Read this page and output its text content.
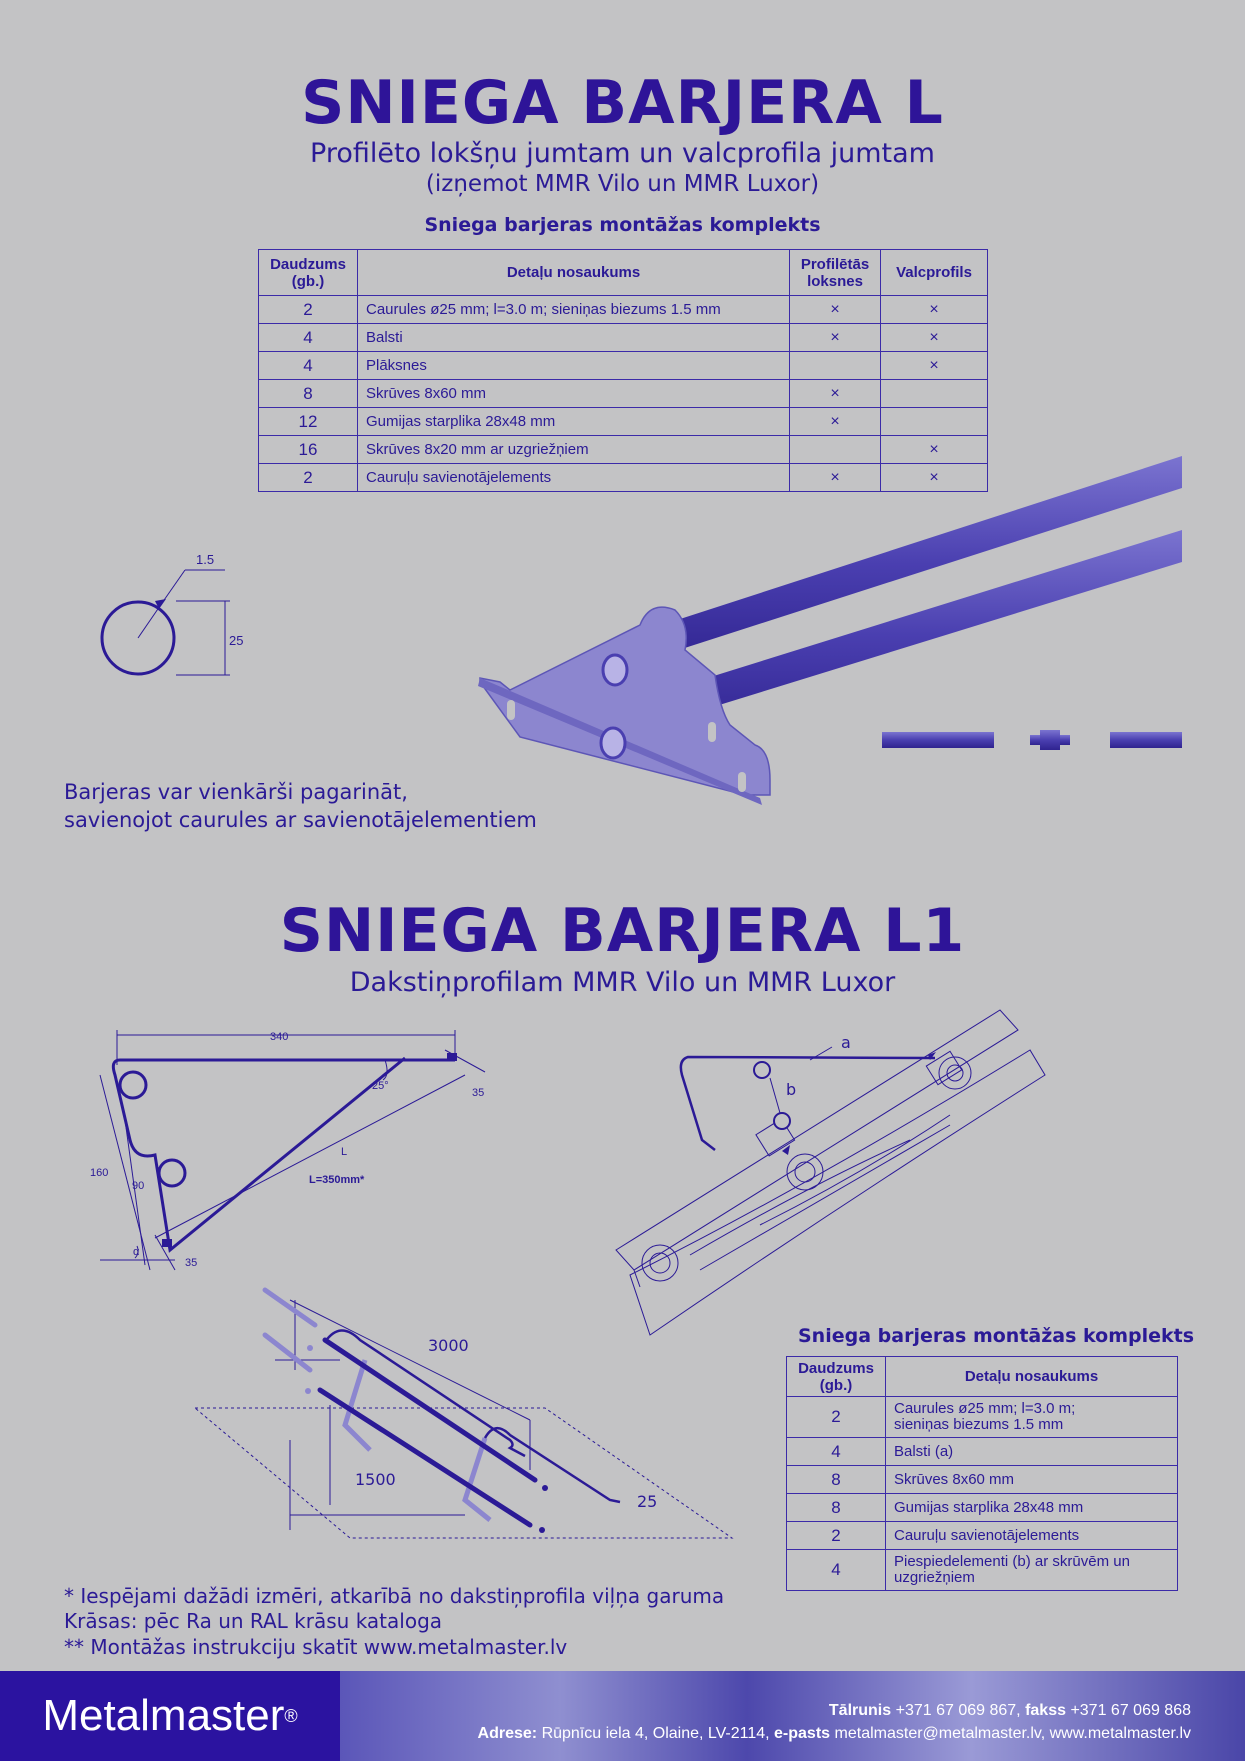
SNIEGA BARJERA L
Profilēto lokšņu jumtam un valcprofila jumtam
(izņemot MMR Vilo un MMR Luxor)
Sniega barjeras montāžas komplekts
Daudzums (gb.)	Detaļu nosaukums	Profilētās loksnes	Valcprofils
2	Caurules ø25 mm; l=3.0 m; sieniņas biezums 1.5 mm	×	×
4	Balsti	×	×
4	Plāksnes		×
8	Skrūves 8x60 mm	×	
12	Gumijas starplika 28x48 mm	×	
16	Skrūves 8x20 mm ar uzgriežņiem		×
2	Cauruļu savienotājelements	×	×
1.5
25
Barjeras var vienkārši pagarināt,
savienojot caurules ar savienotājelementiem
SNIEGA BARJERA L1
Dakstiņprofilam MMR Vilo un MMR Luxor
340
25°
35
L
L=350mm*
160
90
α
35
a
b
3000
1500
25
Sniega barjeras montāžas komplekts
Daudzums (gb.)	Detaļu nosaukums
2	Caurules ø25 mm; l=3.0 m;
sieniņas biezums 1.5 mm

4	Balsti (a)

8	Skrūves 8x60 mm

8	Gumijas starplika 28x48 mm

2	Cauruļu savienotājelements

4	Piespiedelementi (b) ar skrūvēm un
uzgriežņiem
* Iespējami dažādi izmēri, atkarībā no dakstiņprofila viļņa garuma
Krāsas: pēc Ra un RAL krāsu kataloga
** Montāžas instrukciju skatīt www.metalmaster.lv
Metalmaster ®	Tālrunis +371 67 069 867, fakss +371 67 069 868
Adrese: Rūpnīcu iela 4, Olaine, LV-2114, e-pasts metalmaster@metalmaster.lv, www.metalmaster.lv
